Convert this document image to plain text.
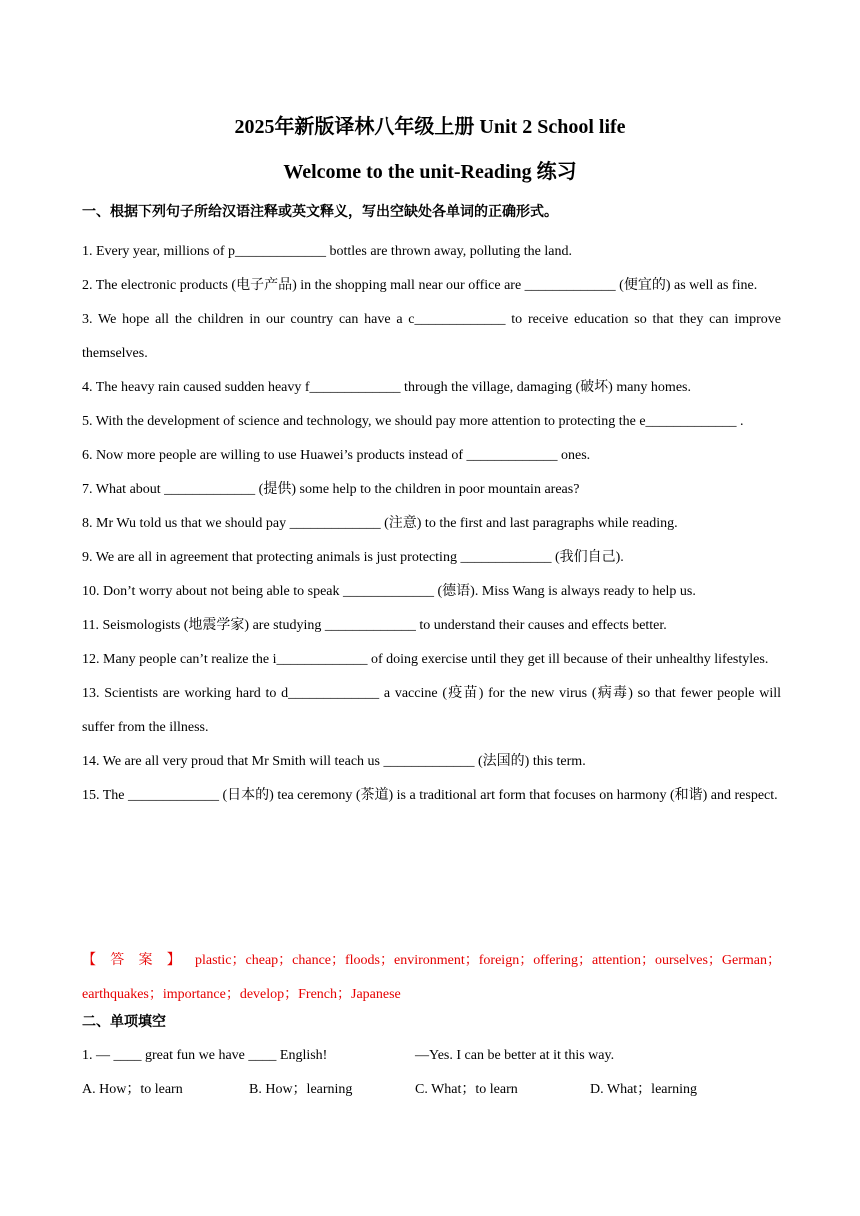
2025年新版译林八年级上册 Unit 2 School life
Welcome to the unit-Reading 练习
一、根据下列句子所给汉语注释或英文释义，写出空缺处各单词的正确形式。
1. Every year, millions of p_____________ bottles are thrown away, polluting the land.
2. The electronic products (电子产品) in the shopping mall near our office are _____________ (便宜的) as well as fine.
3. We hope all the children in our country can have a c_____________ to receive education so that they can improve themselves.
4. The heavy rain caused sudden heavy f_____________ through the village, damaging (破坏) many homes.
5. With the development of science and technology, we should pay more attention to protecting the e_____________ .
6. Now more people are willing to use Huawei’s products instead of _____________ ones.
7. What about _____________ (提供) some help to the children in poor mountain areas?
8. Mr Wu told us that we should pay _____________ (注意) to the first and last paragraphs while reading.
9. We are all in agreement that protecting animals is just protecting _____________ (我们自己).
10. Don’t worry about not being able to speak _____________ (德语). Miss Wang is always ready to help us.
11. Seismologists (地震学家) are studying _____________ to understand their causes and effects better.
12. Many people can’t realize the i_____________ of doing exercise until they get ill because of their unhealthy lifestyles.
13. Scientists are working hard to d_____________ a vaccine (疫苗) for the new virus (病毒) so that fewer people will suffer from the illness.
14. We are all very proud that Mr Smith will teach us _____________ (法国的) this term.
15. The _____________ (日本的) tea ceremony (茶道) is a traditional art form that focuses on harmony (和谐) and respect.

【答案】plastic；cheap；chance；floods；environment；foreign；offering；attention；ourselves；German；earthquakes；importance；develop；French；Japanese

二、单项填空
1. — ____ great fun we have ____ English!	—Yes. I can be better at it this way.
A. How；to learn	B. How；learning	C. What；to learn	D. What；learning
